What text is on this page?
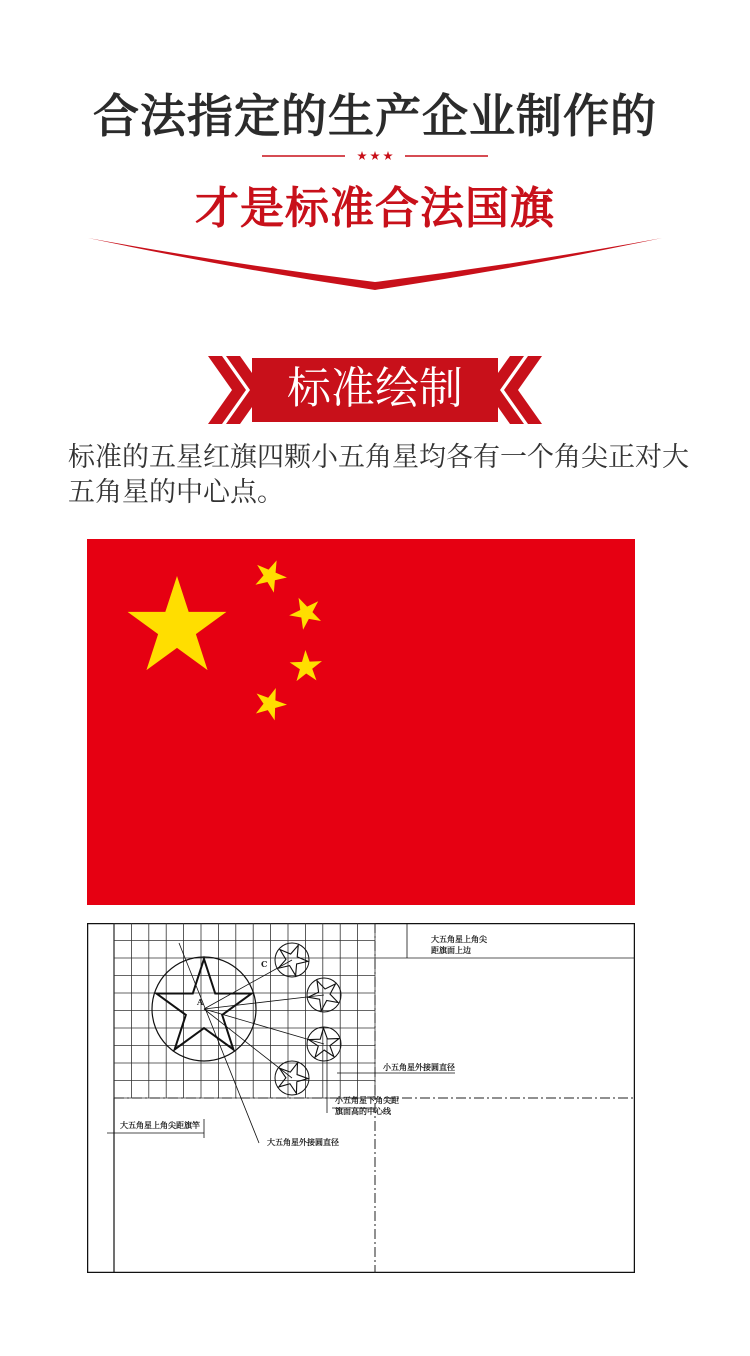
合法指定的生产企业制作的
才是标准合法国旗
标准绘制
标准的五星红旗四颗小五角星均各有一个角尖正对大五角星的中心点。
A
C
大五角星上角尖
距旗面上边
小五角星外接圆直径
小五角星下角尖距
旗面高的中心线
大五角星上角尖距旗竿
大五角星外接圆直径
